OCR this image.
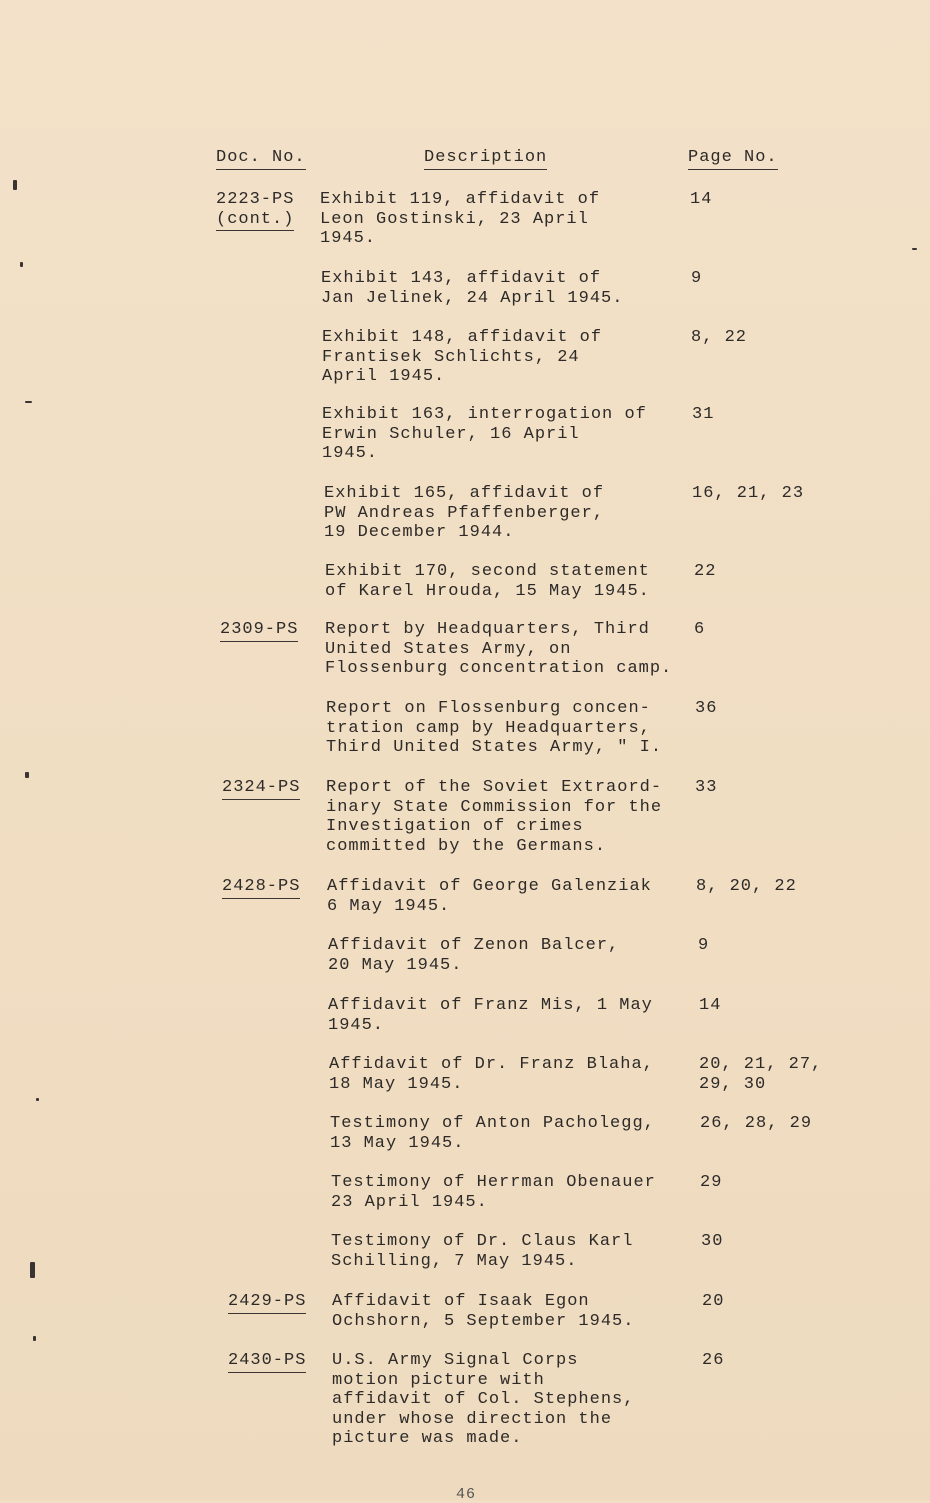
Doc. No.	Description	Page No.
2223-PS
(cont.)
2309-PS
2324-PS
2428-PS
2429-PS
2430-PS
Exhibit 119, affidavit of
Leon Gostinski, 23 April
1945.
Exhibit 143, affidavit of
Jan Jelinek, 24 April 1945.
Exhibit 148, affidavit of
Frantisek Schlichts, 24
April 1945.
Exhibit 163, interrogation of
Erwin Schuler, 16 April
1945.
Exhibit 165, affidavit of
PW Andreas Pfaffenberger,
19 December 1944.
Exhibit 170, second statement
of Karel Hrouda, 15 May 1945.
Report by Headquarters, Third
United States Army, on
Flossenburg concentration camp.
Report on Flossenburg concen-
tration camp by Headquarters,
Third United States Army, " I.
Report of the Soviet Extraord-
inary State Commission for the
Investigation of crimes
committed by the Germans.
Affidavit of George Galenziak
6 May 1945.
Affidavit of Zenon Balcer,
20 May 1945.
Affidavit of Franz Mis, 1 May
1945.
Affidavit of Dr. Franz Blaha,
18 May 1945.
Testimony of Anton Pacholegg,
13 May 1945.
Testimony of Herrman Obenauer
23 April 1945.
Testimony of Dr. Claus Karl
Schilling, 7 May 1945.
Affidavit of Isaak Egon
Ochshorn, 5 September 1945.
U.S. Army Signal Corps
motion picture with
affidavit of Col. Stephens,
under whose direction the
picture was made.
14
9
8, 22
31
16, 21, 23
22
6
36
33
8, 20, 22
9
14
20, 21, 27,
29, 30
26, 28, 29
29
30
20
26
46
